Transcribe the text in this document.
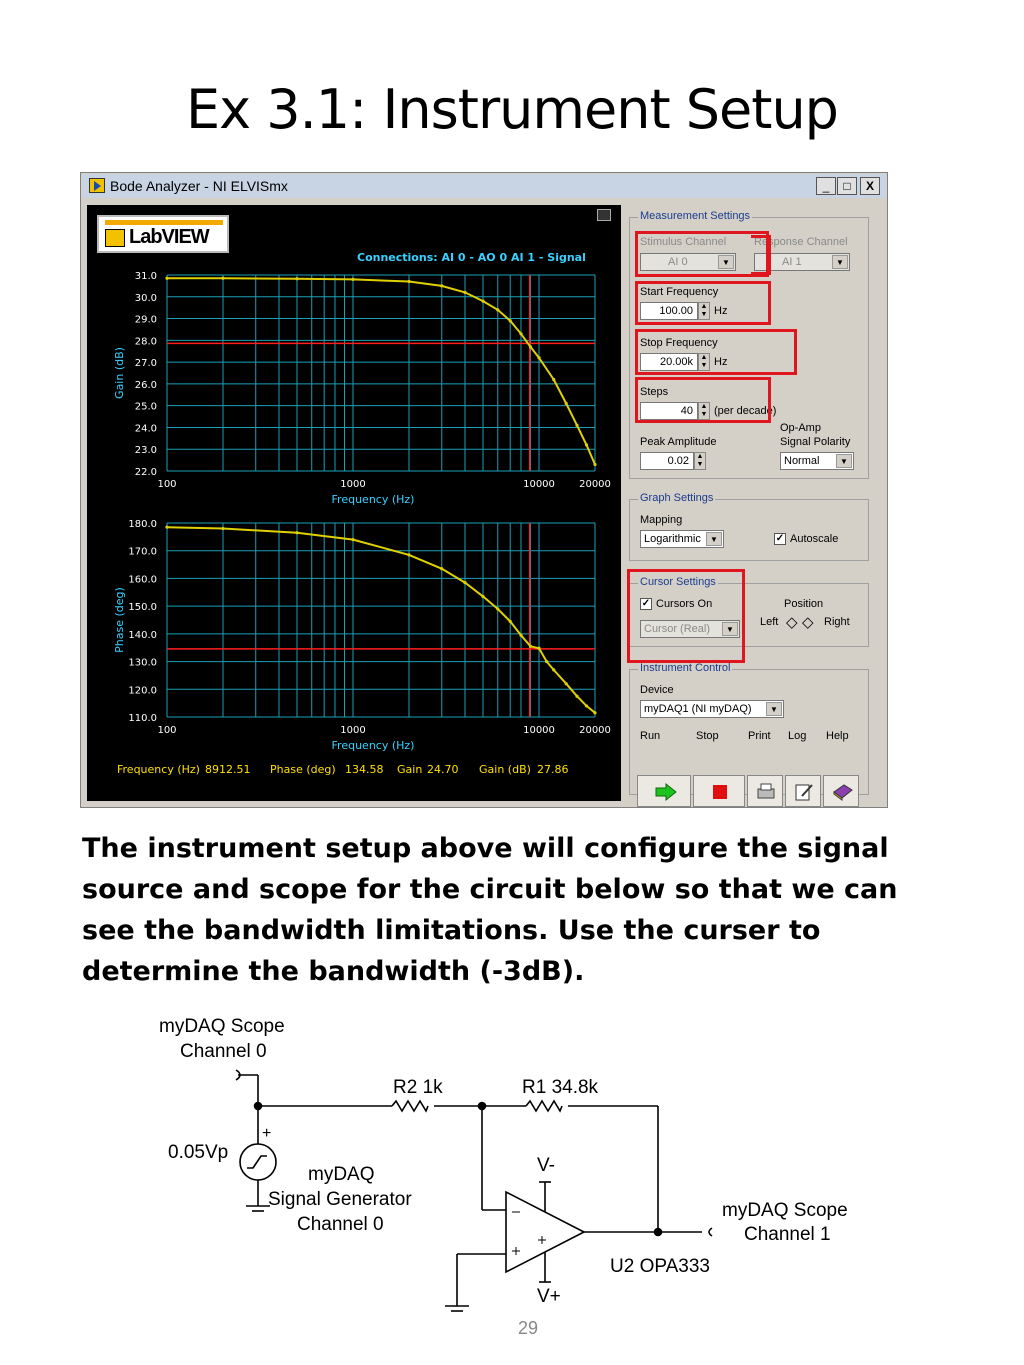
Ex 3.1: Instrument Setup
Bode Analyzer - NI ELVISmx	_	□	X
LabVIEW
Connections: AI 0 - AO 0 AI 1 - Signal
31.0
30.0
29.0
28.0
27.0
26.0
25.0
24.0
23.0
22.0
100	1000	10000 20000
Frequency (Hz)
Gain (dB)
180.0
170.0
160.0
150.0
140.0
130.0
120.0
110.0
100	1000	10000 20000
Frequency (Hz)
Phase (deg)
Frequency (Hz) 8912.51 Phase (deg) 134.58 Gain 24.70 Gain (dB) 27.86
Measurement Settings
Stimulus Channel
AI 0	▼
Response Channel
AI 1	▼
Start Frequency
100.00	▲
▼ Hz
Stop Frequency
20.00k	▲
▼ Hz
Steps
40	▲
▼ (per decade)
Peak Amplitude
0.02	▲
▼
Op-Amp
Signal Polarity
Normal	▼
Graph Settings
Mapping
Logarithmic	▼	✓ Autoscale
Cursor Settings
✓ Cursors On
Cursor (Real)	▼
Position
Left ◇ ◇ Right
Instrument Control
Device
myDAQ1 (NI myDAQ)	▼
Run	Stop	Print Log Help
The instrument setup above will configure the signal source and scope for the circuit below so that we can see the bandwidth limitations. Use the curser to determine the bandwidth (-3dB).
myDAQ Scope
Channel 0
0.05Vp
+
myDAQ
Signal Generator
Channel 0
R2 1k	R1 34.8k
V-
V+
U2 OPA333
myDAQ Scope
Channel 1
29
